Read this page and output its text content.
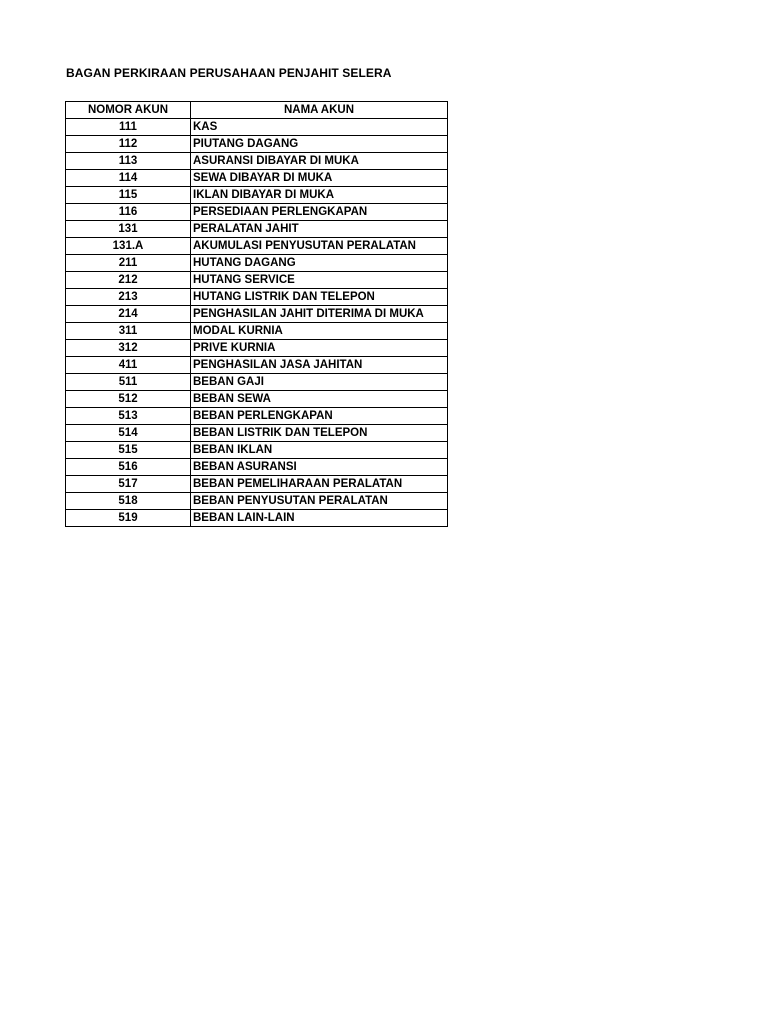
BAGAN PERKIRAAN PERUSAHAAN PENJAHIT SELERA
NOMOR AKUN	NAMA AKUN
111	KAS
112	PIUTANG DAGANG
113	ASURANSI DIBAYAR DI MUKA
114	SEWA DIBAYAR DI MUKA
115	IKLAN DIBAYAR DI MUKA
116	PERSEDIAAN PERLENGKAPAN
131	PERALATAN JAHIT
131.A	AKUMULASI PENYUSUTAN PERALATAN
211	HUTANG DAGANG
212	HUTANG SERVICE
213	HUTANG LISTRIK DAN TELEPON
214	PENGHASILAN JAHIT DITERIMA DI MUKA
311	MODAL KURNIA
312	PRIVE KURNIA
411	PENGHASILAN JASA JAHITAN
511	BEBAN GAJI
512	BEBAN SEWA
513	BEBAN PERLENGKAPAN
514	BEBAN LISTRIK DAN TELEPON
515	BEBAN IKLAN
516	BEBAN ASURANSI
517	BEBAN PEMELIHARAAN PERALATAN
518	BEBAN PENYUSUTAN PERALATAN
519	BEBAN LAIN-LAIN
